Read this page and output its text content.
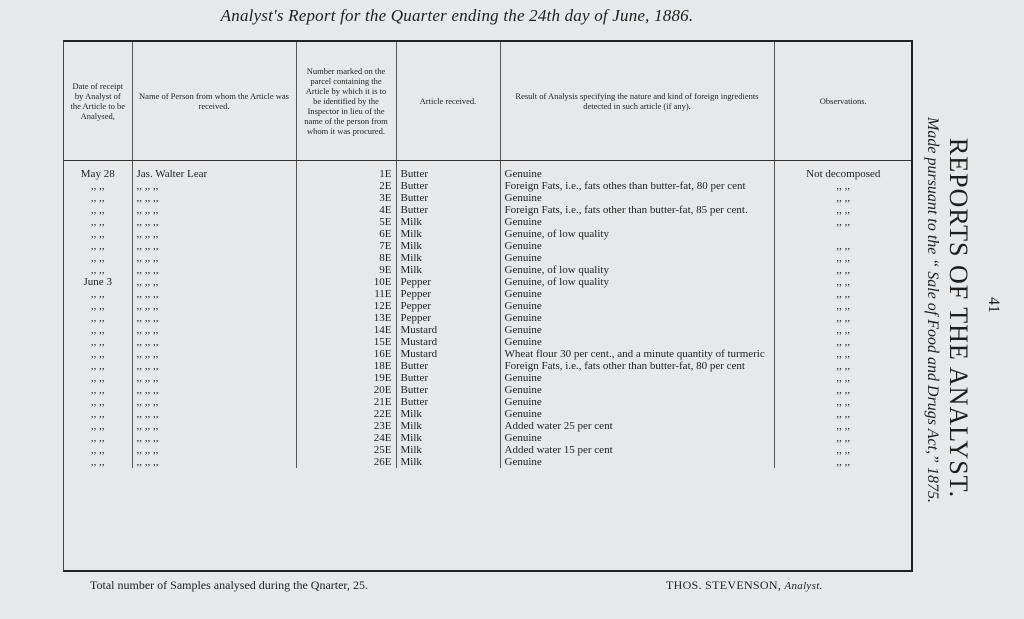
Analyst's Report for the Quarter ending the 24th day of June, 1886.
Date of receipt by Analyst of the Article to be Analysed,	Name of Person from whom the Article was received.	Number marked on the parcel containing the Article by which it is to be identified by the Inspector in lieu of the name of the person from whom it was procured.	Article received.	Result of Analysis specifying the nature and kind of foreign ingredients detected in such article (if any).	Observations.
May 28	Jas. Walter Lear	1E	Butter	Genuine	Not decomposed
,, ,,	,, ,, ,,	2E	Butter	Foreign Fats, i.e., fats othes than butter-fat, 80 per cent	,, ,,
,, ,,	,, ,, ,,	3E	Butter	Genuine	,, ,,
,, ,,	,, ,, ,,	4E	Butter	Foreign Fats, i.e., fats other than butter-fat, 85 per cent.	,, ,,
,, ,,	,, ,, ,,	5E	Milk	Genuine	,, ,,
,, ,,	,, ,, ,,	6E	Milk	Genuine, of low quality	
,, ,,	,, ,, ,,	7E	Milk	Genuine	,, ,,
,, ,,	,, ,, ,,	8E	Milk	Genuine	,, ,,
,, ,,	,, ,, ,,	9E	Milk	Genuine, of low quality	,, ,,
June 3	,, ,, ,,	10E	Pepper	Genuine, of low quality	,, ,,
,, ,,	,, ,, ,,	11E	Pepper	Genuine	,, ,,
,, ,,	,, ,, ,,	12E	Pepper	Genuine	,, ,,
,, ,,	,, ,, ,,	13E	Pepper	Genuine	,, ,,
,, ,,	,, ,, ,,	14E	Mustard	Genuine	,, ,,
,, ,,	,, ,, ,,	15E	Mustard	Genuine	,, ,,
,, ,,	,, ,, ,,	16E	Mustard	Wheat flour 30 per cent., and a minute quantity of turmeric	,, ,,
,, ,,	,, ,, ,,	18E	Butter	Foreign Fats, i.e., fats other than butter-fat, 80 per cent	,, ,,
,, ,,	,, ,, ,,	19E	Butter	Genuine	,, ,,
,, ,,	,, ,, ,,	20E	Butter	Genuine	,, ,,
,, ,,	,, ,, ,,	21E	Butter	Genuine	,, ,,
,, ,,	,, ,, ,,	22E	Milk	Genuine	,, ,,
,, ,,	,, ,, ,,	23E	Milk	Added water 25 per cent	,, ,,
,, ,,	,, ,, ,,	24E	Milk	Genuine	,, ,,
,, ,,	,, ,, ,,	25E	Milk	Added water 15 per cent	,, ,,
,, ,,	,, ,, ,,	26E	Milk	Genuine	,, ,,
Total number of Samples analysed during the Qnarter, 25.	THOS. STEVENSON, Analyst.
41
REPORTS OF THE ANALYST.
Made pursuant to the “ Sale of Food and Drugs Act,” 1875.
